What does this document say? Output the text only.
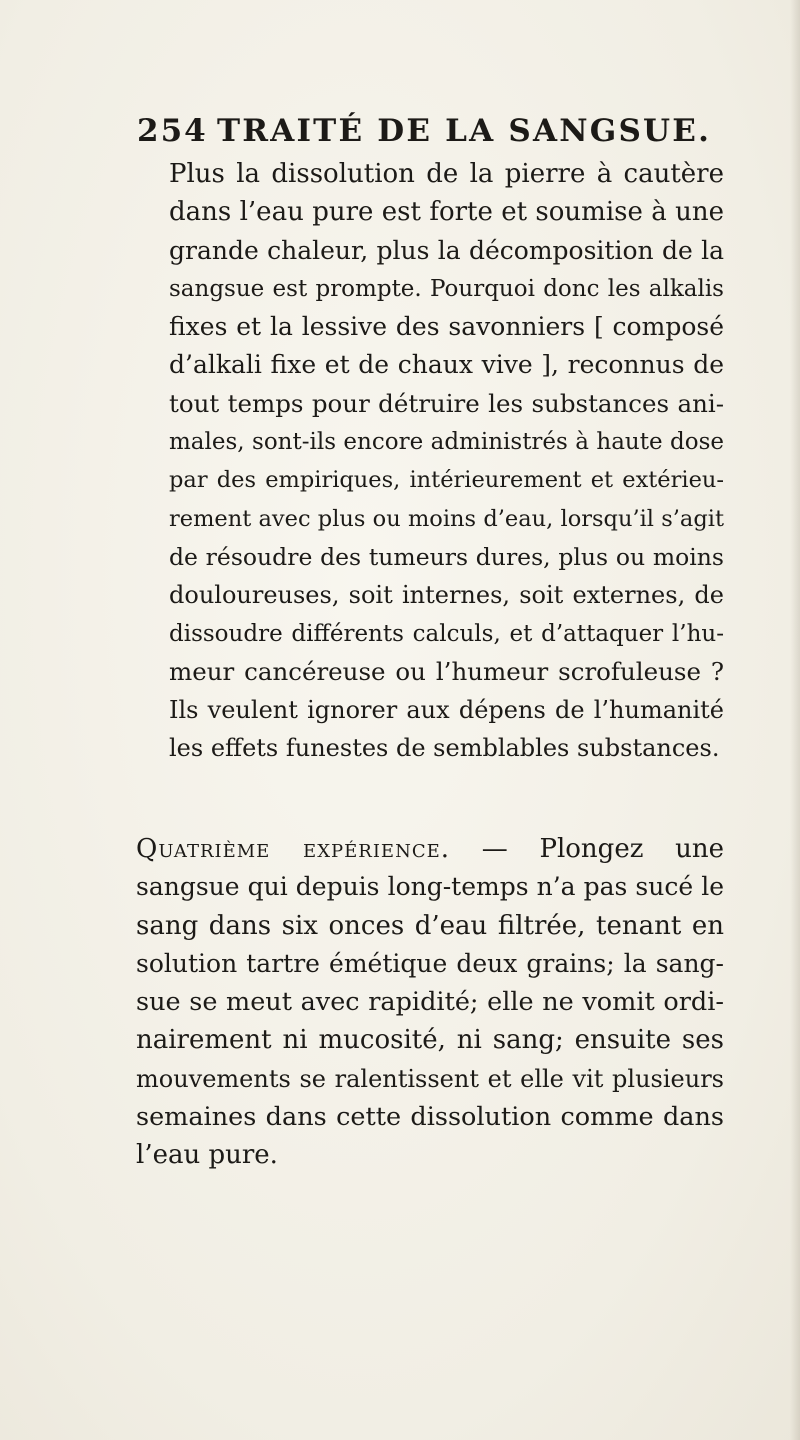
254 TRAITÉ DE LA SANGSUE.
Plus la dissolution de la pierre à cautère
dans l’eau pure est forte et soumise à une
grande chaleur, plus la décomposition de la
sangsue est prompte. Pourquoi donc les alkalis
fixes et la lessive des savonniers [ composé
d’alkali fixe et de chaux vive ], reconnus de
tout temps pour détruire les substances ani-
males, sont-ils encore administrés à haute dose
par des empiriques, intérieurement et extérieu-
rement avec plus ou moins d’eau, lorsqu’il s’agit
de résoudre des tumeurs dures, plus ou moins
douloureuses, soit internes, soit externes, de
dissoudre différents calculs, et d’attaquer l’hu-
meur cancéreuse ou l’humeur scrofuleuse ?
Ils veulent ignorer aux dépens de l’humanité
les effets funestes de semblables substances.
Quatrième expérience. — Plongez une
sangsue qui depuis long-temps n’a pas sucé le
sang dans six onces d’eau filtrée, tenant en
solution tartre émétique deux grains; la sang-
sue se meut avec rapidité; elle ne vomit ordi-
nairement ni mucosité, ni sang; ensuite ses
mouvements se ralentissent et elle vit plusieurs
semaines dans cette dissolution comme dans
l’eau pure.
